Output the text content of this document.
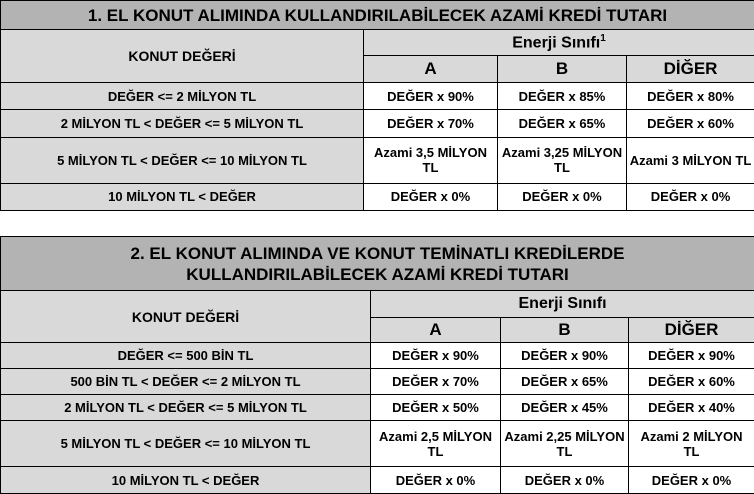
1. EL KONUT ALIMINDA KULLANDIRILABİLECEK AZAMİ KREDİ TUTARI			
KONUT DEĞERİ	Enerji Sınıfı$^1$
	A	B	DİĞER
DEĞER <= 2 MİLYON TL	DEĞER x 90%	DEĞER x 85%	DEĞER x 80%
2 MİLYON TL < DEĞER <= 5 MİLYON TL	DEĞER x 70%	DEĞER x 65%	DEĞER x 60%
5 MİLYON TL < DEĞER <= 10 MİLYON TL	Azami 3,5 MİLYON TL	Azami 3,25 MİLYON TL	Azami 3 MİLYON TL
10 MİLYON TL < DEĞER	DEĞER x 0%	DEĞER x 0%	DEĞER x 0%
2. EL KONUT ALIMINDA VE KONUT TEMİNATLI KREDİLERDE
KULLANDIRILABİLECEK AZAMİ KREDİ TUTARI			

KONUT DEĞERİ	Enerji Sınıfı		
	A	B	DİĞER
DEĞER <= 500 BİN TL	DEĞER x 90%	DEĞER x 90%	DEĞER x 90%
500 BİN TL < DEĞER <= 2 MİLYON TL	DEĞER x 70%	DEĞER x 65%	DEĞER x 60%
2 MİLYON TL < DEĞER <= 5 MİLYON TL	DEĞER x 50%	DEĞER x 45%	DEĞER x 40%
5 MİLYON TL < DEĞER <= 10 MİLYON TL	Azami 2,5 MİLYON TL	Azami 2,25 MİLYON TL	Azami 2 MİLYON TL
10 MİLYON TL < DEĞER	DEĞER x 0%	DEĞER x 0%	DEĞER x 0%
